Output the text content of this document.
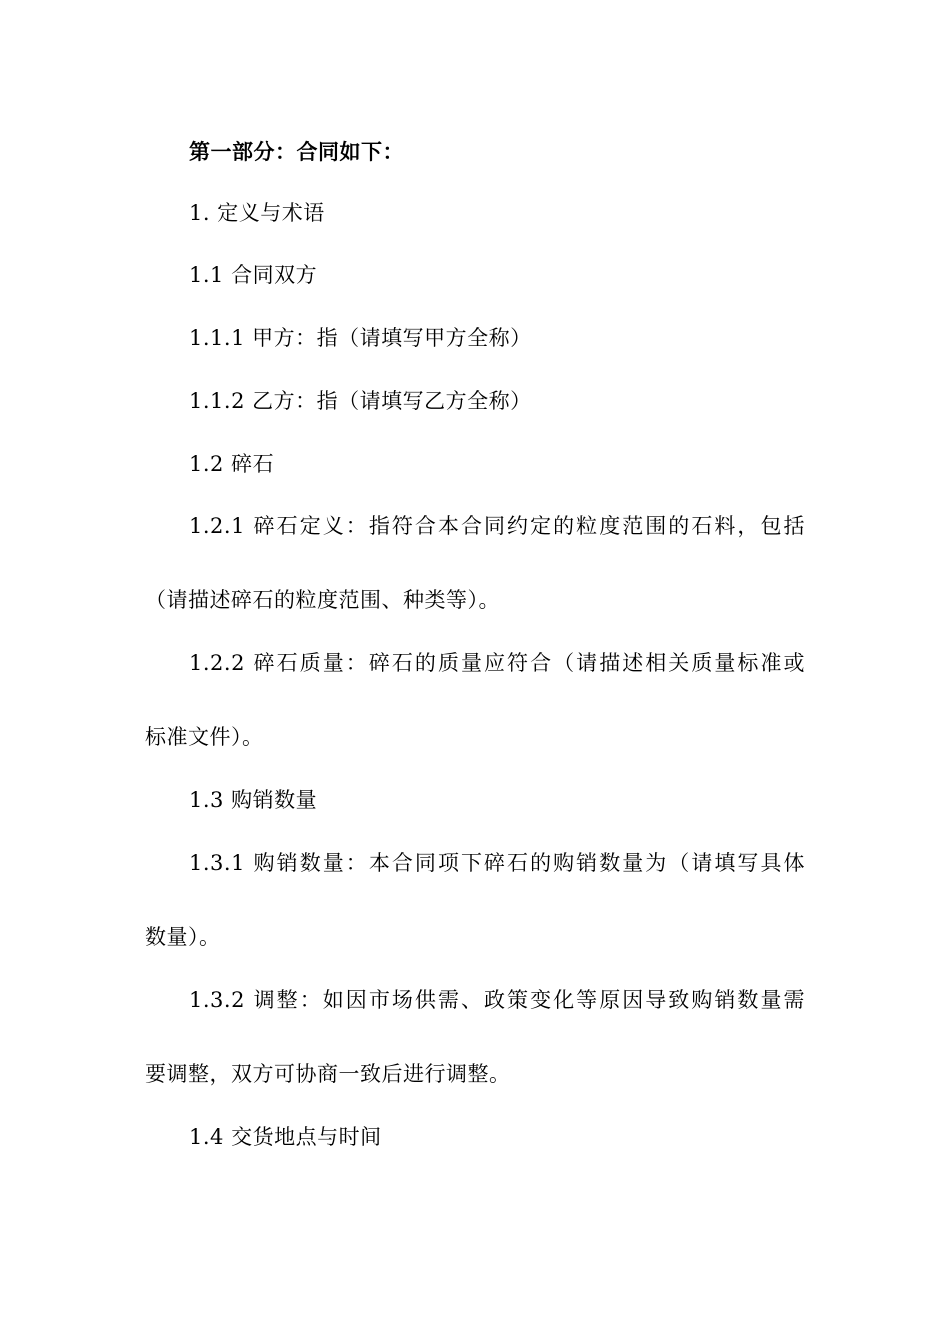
第一部分：合同如下：
1. 定义与术语
1.1 合同双方
1.1.1 甲方：指（请填写甲方全称）
1.1.2 乙方：指（请填写乙方全称）
1.2 碎石
1.2.1 碎石定义：指符合本合同约定的粒度范围的石料，包括
（请描述碎石的粒度范围、种类等）。
1.2.2 碎石质量：碎石的质量应符合（请描述相关质量标准或
标准文件）。
1.3 购销数量
1.3.1 购销数量：本合同项下碎石的购销数量为（请填写具体
数量）。
1.3.2 调整：如因市场供需、政策变化等原因导致购销数量需
要调整，双方可协商一致后进行调整。
1.4 交货地点与时间
